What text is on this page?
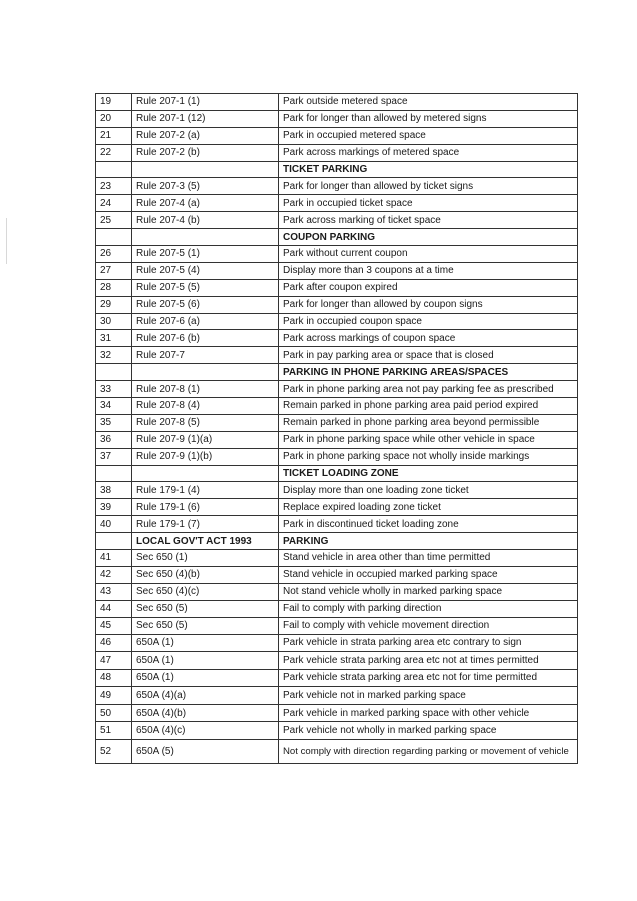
19	Rule 207-1 (1)	Park outside metered space
20	Rule 207-1 (12)	Park for longer than allowed by metered signs
21	Rule 207-2 (a)	Park in occupied metered space
22	Rule 207-2 (b)	Park across markings of metered space
		TICKET PARKING
23	Rule 207-3 (5)	Park for longer than allowed by ticket signs
24	Rule 207-4 (a)	Park in occupied ticket space
25	Rule 207-4 (b)	Park across marking of ticket space
		COUPON PARKING
26	Rule 207-5 (1)	Park without current coupon
27	Rule 207-5 (4)	Display more than 3 coupons at a time
28	Rule 207-5 (5)	Park after coupon expired
29	Rule 207-5 (6)	Park for longer than allowed by coupon signs
30	Rule 207-6 (a)	Park in occupied coupon space
31	Rule 207-6 (b)	Park across markings of coupon space
32	Rule 207-7	Park in pay parking area or space that is closed
		PARKING IN PHONE PARKING AREAS/SPACES
33	Rule 207-8 (1)	Park in phone parking area not pay parking fee as prescribed
34	Rule 207-8 (4)	Remain parked in phone parking area paid period expired
35	Rule 207-8 (5)	Remain parked in phone parking area beyond permissible
36	Rule 207-9 (1)(a)	Park in phone parking space while other vehicle in space
37	Rule 207-9 (1)(b)	Park in phone parking space not wholly inside markings
		TICKET LOADING ZONE
38	Rule 179-1 (4)	Display more than one loading zone ticket
39	Rule 179-1 (6)	Replace expired loading zone ticket
40	Rule 179-1 (7)	Park in discontinued ticket loading zone
	LOCAL GOV'T ACT 1993	PARKING
41	Sec 650 (1)	Stand vehicle in area other than time permitted
42	Sec 650 (4)(b)	Stand vehicle in occupied marked parking space
43	Sec 650 (4)(c)	Not stand vehicle wholly in marked parking space
44	Sec 650 (5)	Fail to comply with parking direction
45	Sec 650 (5)	Fail to comply with vehicle movement direction
46	650A (1)	Park vehicle in strata parking area etc contrary to sign
47	650A (1)	Park vehicle strata parking area etc not at times permitted
48	650A (1)	Park vehicle strata parking area etc not for time permitted
49	650A (4)(a)	Park vehicle not in marked parking space
50	650A (4)(b)	Park vehicle in marked parking space with other vehicle
51	650A (4)(c)	Park vehicle not wholly in marked parking space
52	650A (5)	Not comply with direction regarding parking or movement of vehicle
